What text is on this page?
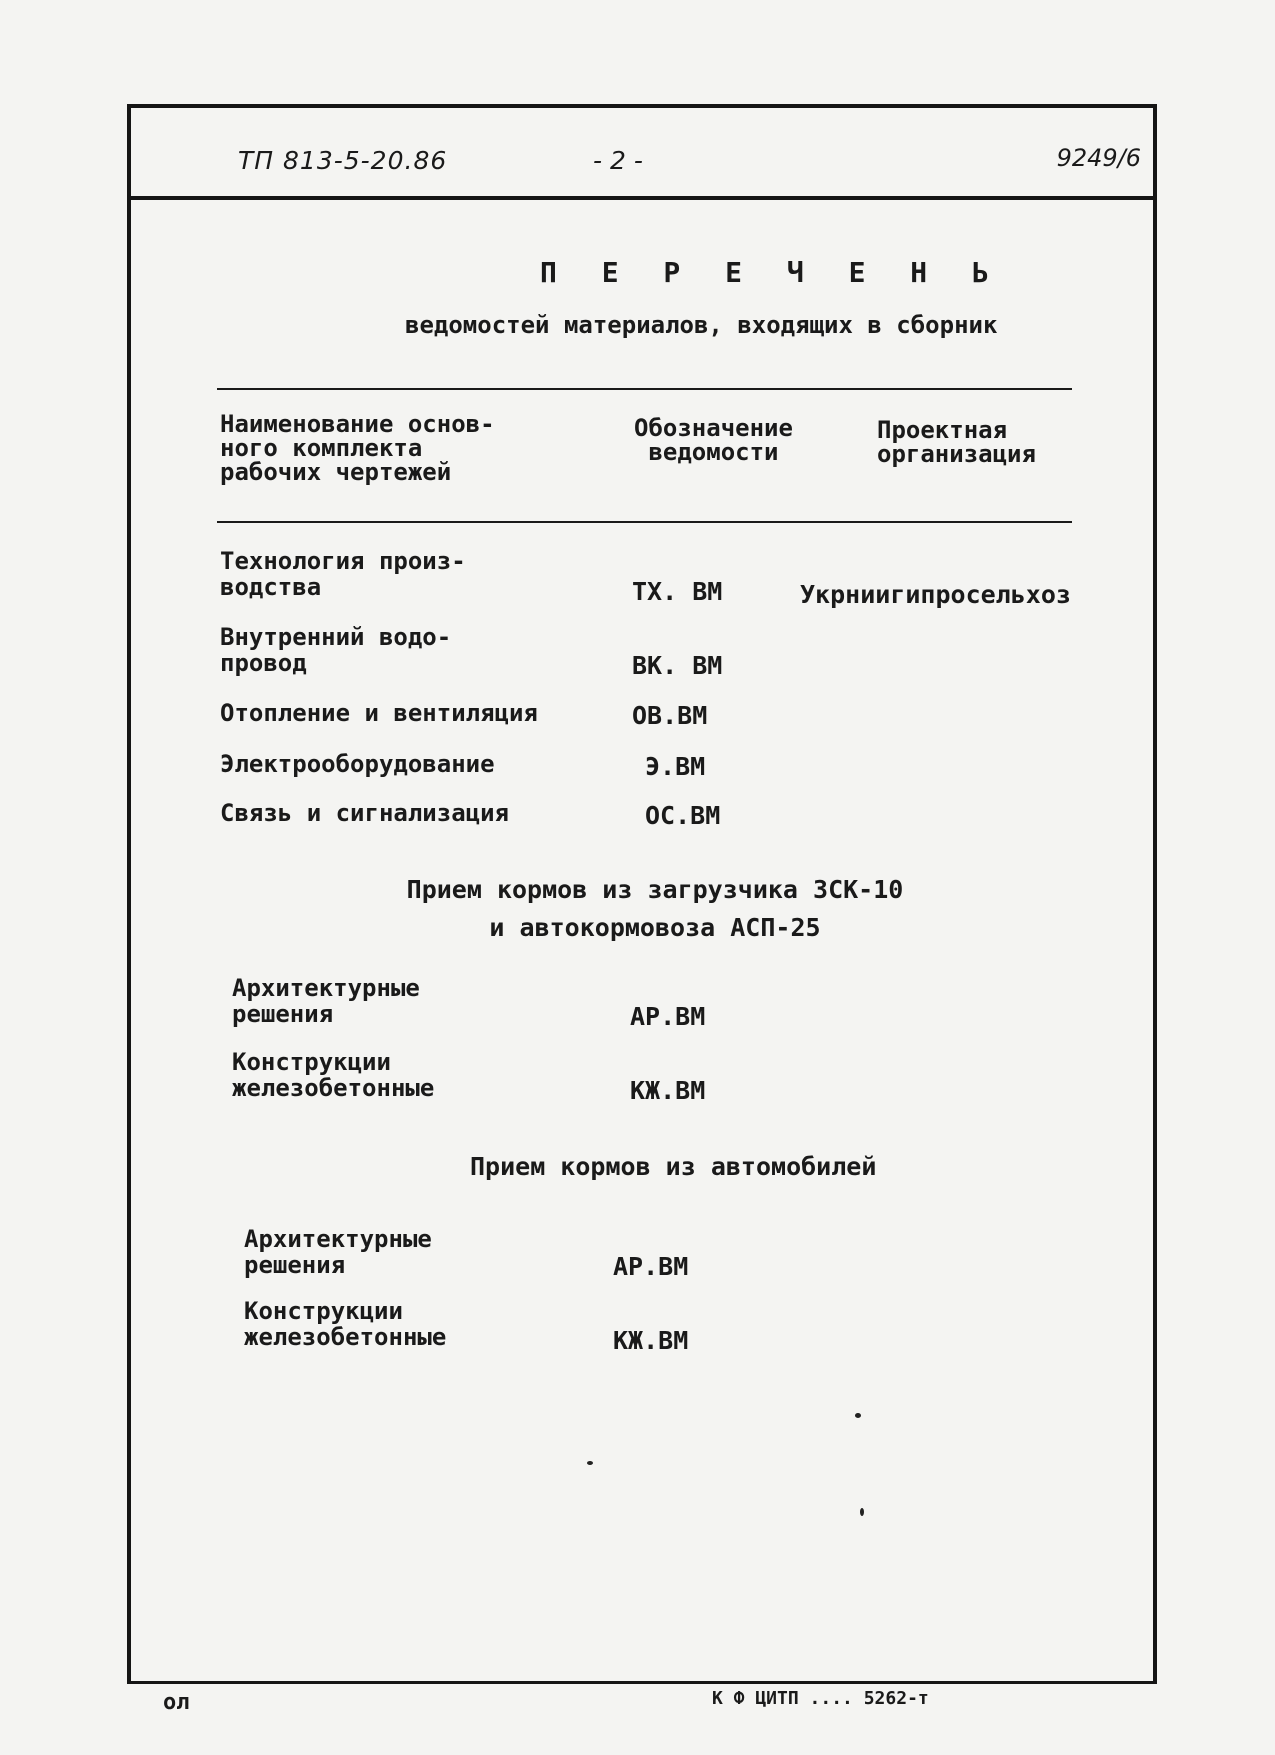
ТП 813-5-20.86	- 2 -	9249/6
П Е Р Е Ч Е Н Ь
ведомостей материалов, входящих в сборник
Наименование основ-
ного комплекта
рабочих чертежей
Обозначение
ведомости
Проектная
организация
Технология произ-
водства	ТХ. ВМ	Укрниигипросельхоз
Внутренний водо-
провод	ВК. ВМ
Отопление и вентиляция	ОВ.ВМ
Электрооборудование	Э.ВМ
Связь и сигнализация	ОС.ВМ
Прием кормов из загрузчика ЗСК-10
и автокормовоза АСП-25
Архитектурные
решения	АР.ВМ
Конструкции
железобетонные	КЖ.ВМ
Прием кормов из автомобилей
Архитектурные
решения	АР.ВМ
Конструкции
железобетонные	КЖ.ВМ
ол	К Ф ЦИТП .... 5262-т
